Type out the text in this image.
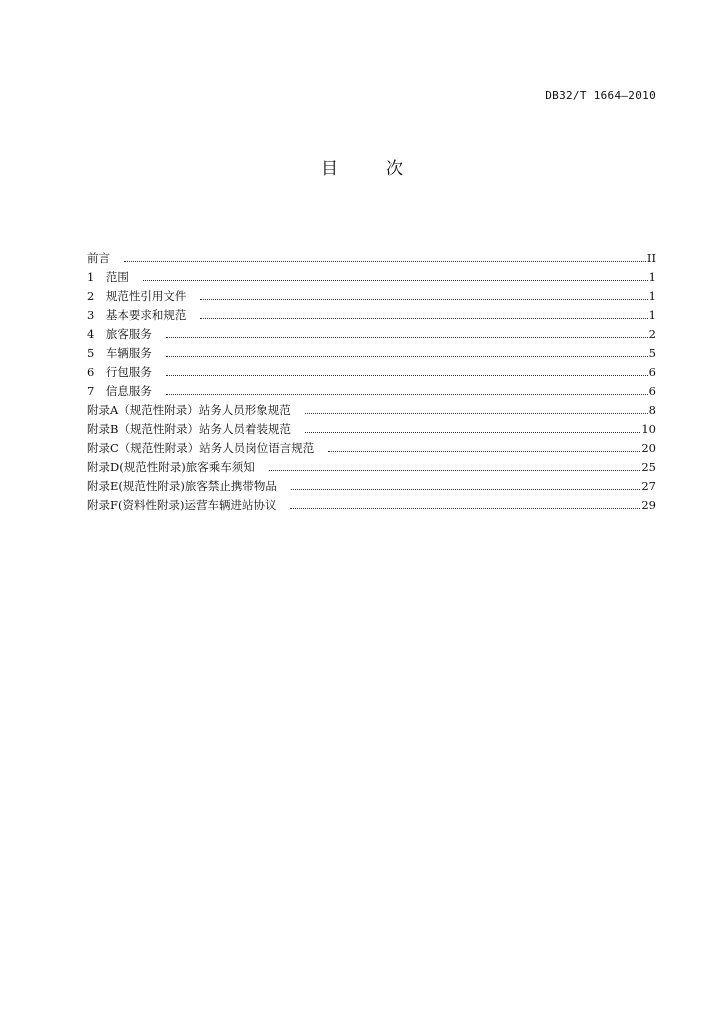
DB32/T 1664—2010
目	次
前言	II
1　范围	1
2　规范性引用文件	1
3　基本要求和规范	1
4　旅客服务	2
5　车辆服务	5
6　行包服务	6
7　信息服务	6
附录A（规范性附录）站务人员形象规范	8
附录B（规范性附录）站务人员着装规范	10
附录C（规范性附录）站务人员岗位语言规范	20
附录D(规范性附录)旅客乘车须知	25
附录E(规范性附录)旅客禁止携带物品	27
附录F(资料性附录)运营车辆进站协议	29
